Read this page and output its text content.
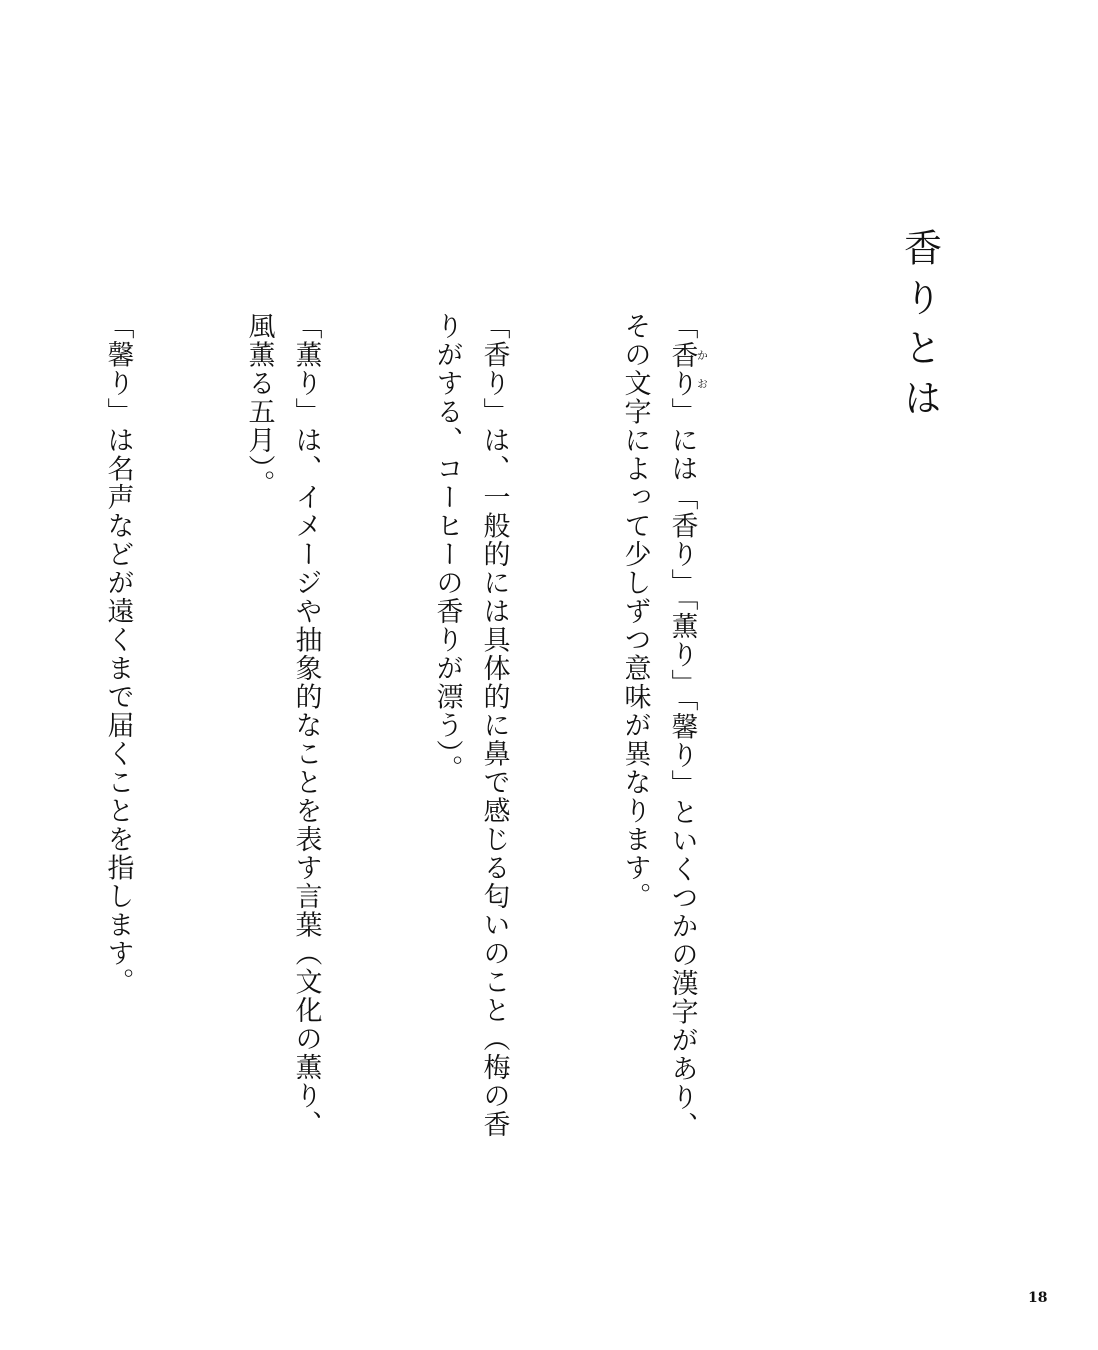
香りとは

「香りかお」には「香り」「薫り」「馨り」といくつかの漢字があり、その文字によって少しずつ意味が異なります。

「香り」は、一般的には具体的に鼻で感じる匂いのこと（梅の香りがする、コーヒーの香りが漂う）。

「薫り」は、イメージや抽象的なことを表す言葉（文化の薫り、風薫る五月）。

「馨り」は名声などが遠くまで届くことを指します。

18
